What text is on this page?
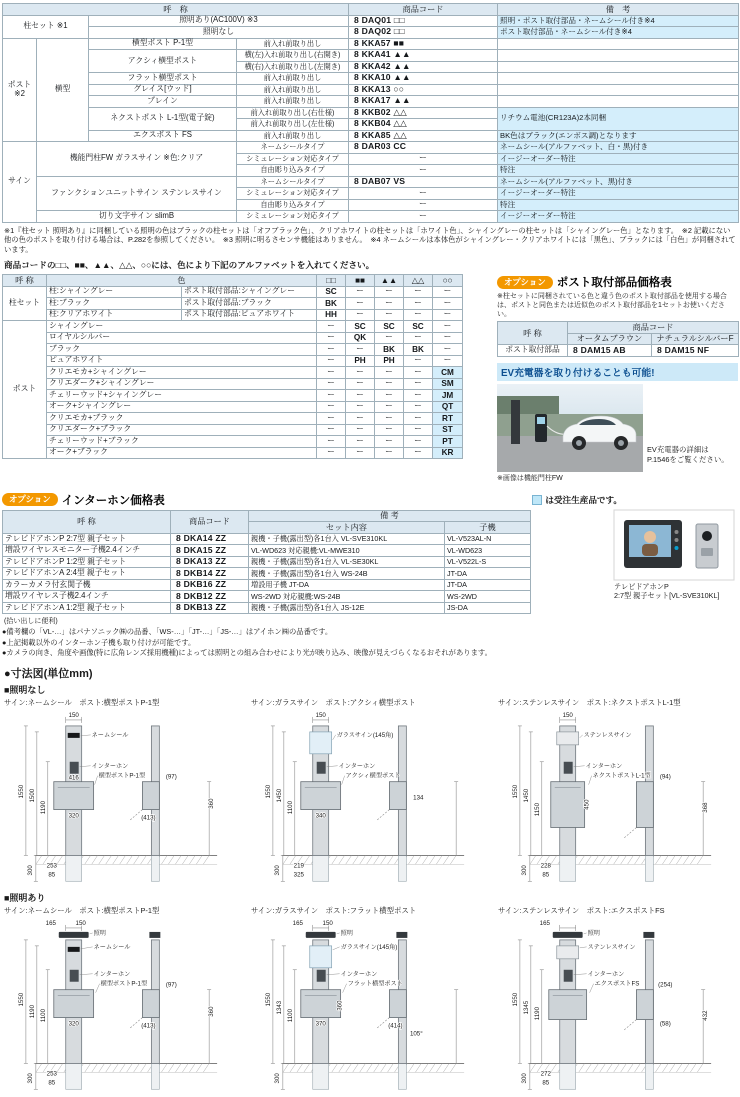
呼　称				商品コード	備　考
柱セット ※1		照明あり(AC100V) ※3		8 DAQ01 □□	照明・ポスト取付部品・ネームシール付き※4
		照明なし		8 DAQ02 □□	ポスト取付部品・ネームシール付き※4
ポスト ※2	横型	横型ポスト P-1型	前入れ前取り出し	8 KKA57 ■■	
		アクシィ横型ポスト	横(左)入れ前取り出し(右開き)	8 KKA41 ▲▲	
			横(右)入れ前取り出し(左開き)	8 KKA42 ▲▲	
		フラット横型ポスト	前入れ前取り出し	8 KKA10 ▲▲	
		グレイス[ウッド]	前入れ前取り出し	8 KKA13 ○○	
		プレイン	前入れ前取り出し	8 KKA17 ▲▲	
		ネクストポスト L-1型(電子錠)	前入れ前取り出し(右仕様)	8 KKB02 △△	リチウム電池(CR123A)2本同梱
			前入れ前取り出し(左仕様)	8 KKB04 △△	
		エクスポスト FS	前入れ前取り出し	8 KKA85 △△	BK色はブラック(エンボス調)となります
サイン	機能門柱FW ガラスサイン ※色:クリア		ネームシールタイプ	8 DAR03 CC	ネームシール(アルファベット、白・黒)付き
			シミュレーション対応タイプ	ー	イージーオーダー特注
			自由彫り込みタイプ	ー	特注
	ファンクションユニットサイン ステンレスサイン		ネームシールタイプ	8 DAB07 VS	ネームシール(アルファベット、黒)付き
			シミュレーション対応タイプ	ー	イージーオーダー特注
			自由彫り込みタイプ	ー	特注
	切り文字サイン slimB		シミュレーション対応タイプ	ー	イージーオーダー特注
※1『柱セット 照明あり』に同梱している照明の色はブラックの柱セットは「オフブラック色」、クリアホワイトの柱セットは「ホワイト色」、シャイングレーの柱セットは「シャイングレー色」となります。　※2 記載にない他の色のポストを取り付ける場合は、P.282を参照してください。　※3 照明に明るさセンサ機能はありません。　※4 ネームシールは本体色がシャイングレー・クリアホワイトには「黒色」、ブラックには「白色」が同梱されています。
商品コードの□□、■■、▲▲、△△、○○には、色により下記のアルファベットを入れてください。
呼 称	色		□□	■■	▲▲	△△	○○
柱セット	柱:シャイングレー	ポスト取付部品:シャイングレー	SC	ー	ー	ー	ー
	柱:ブラック	ポスト取付部品:ブラック	BK	ー	ー	ー	ー
	柱:クリアホワイト	ポスト取付部品:ピュアホワイト	HH	ー	ー	ー	ー
ポスト	シャイングレー		ー	SC	SC	SC	ー
	ロイヤルシルバー		ー	QK	ー	ー	ー
	ブラック		ー	ー	BK	BK	ー
	ピュアホワイト		ー	PH	PH	ー	ー
	クリエモカ+シャイングレー		ー	ー	ー	ー	CM
	クリエダーク+シャイングレー		ー	ー	ー	ー	SM
	チェリーウッド+シャイングレー		ー	ー	ー	ー	JM
	オーク+シャイングレー		ー	ー	ー	ー	QT
	クリエモカ+ブラック		ー	ー	ー	ー	RT
	クリエダーク+ブラック		ー	ー	ー	ー	ST
	チェリーウッド+ブラック		ー	ー	ー	ー	PT
	オーク+ブラック		ー	ー	ー	ー	KR
オプション ポスト取付部品価格表
※柱セットに同梱されている色と違う色のポスト取付部品を使用する場合は、ポストと同色または近似色のポスト取付部品を1セットお使いください。
呼 称	商品コード	
	オータムブラウン	ナチュラルシルバーF
ポスト取付部品	8 DAM15 AB	8 DAM15 NF
EV充電器を取り付けることも可能!
EV充電器の詳細は
P.1546をご覧ください。
※画像は機能門柱FW
オプション インターホン価格表	は受注生産品です。
呼 称	商品コード	備 考	
		セット内容	子機
テレビドアホンP 2:7型 親子セット	8 DKA14 ZZ	親機・子機(露出型)各1台入 VL-SVE310KL	VL-V523AL-N
増設ワイヤレスモニター子機2.4インチ	8 DKA15 ZZ	VL-WD623 対応親機:VL-MWE310	VL-WD623
テレビドアホンP 1:2型 親子セット	8 DKA13 ZZ	親機・子機(露出型)各1台入 VL-SE30KL	VL-V522L-S
テレビドアホンA 2:4型 親子セット	8 DKB14 ZZ	親機・子機(露出型)各1台入 WS-24B	JT-DA
カラーカメラ付玄関子機	8 DKB16 ZZ	増設用子機 JT-DA	JT-DA
増設ワイヤレス子機2.4インチ	8 DKB12 ZZ	WS-2WD 対応親機:WS-24B	WS-2WD
テレビドアホンA 1:2型 親子セット	8 DKB13 ZZ	親機・子機(露出型)各1台入 JS-12E	JS-DA
(拾い出しに便利)
●備考欄の「VL-…」はパナソニック㈱の品番、「WS-…」「JT-…」「JS-…」はアイホン㈱の品番です。
●上記掲載以外のインターホン子機も取り付けが可能です。
●カメラの向き、角度や画像(特に広角レンズ採用機種)によっては照明との組み合わせにより光が映り込み、映像が見えづらくなるおそれがあります。
テレビドアホンP
2:7型 親子セット[VL-SVE310KL]
●寸法図(単位mm)
■照明なし
サイン:ネームシール　ポスト:横型ポストP-1型
150
ネームシール
インターホン
横型ポストP-1型
1550 1500
1190
416
320	(413)
(97)
360
253
85
300
サイン:ガラスサイン　ポスト:アクシィ横型ポスト
150
ガラスサイン(145角)
インターホン
アクシィ横型ポスト
1550 1450
1100
340
134
219
325
300
サイン:ステンレスサイン　ポスト:ネクストポストL-1型
150
ステンレスサイン
インターホン
ネクストポストL-1型
1550 1450
1150	450
228
85
300
(94)
368
■照明あり
サイン:ネームシール　ポスト:横型ポストP-1型
165	150
照明
ネームシール
インターホン
横型ポストP-1型
1550
1190 1100
320	(413)
(97)
360
253
85
300
サイン:ガラスサイン　ポスト:フラット横型ポスト
165	150
照明
ガラスサイン(145角)
インターホン
フラット横型ポスト
1550
1343
1100
370
360
(414)
105°
300
サイン:ステンレスサイン　ポスト:エクスポストFS
165
照明
ステンレスサイン
インターホン
エクスポストFS
1550
1345 1190
272
85
300
(254)
(58)
432
